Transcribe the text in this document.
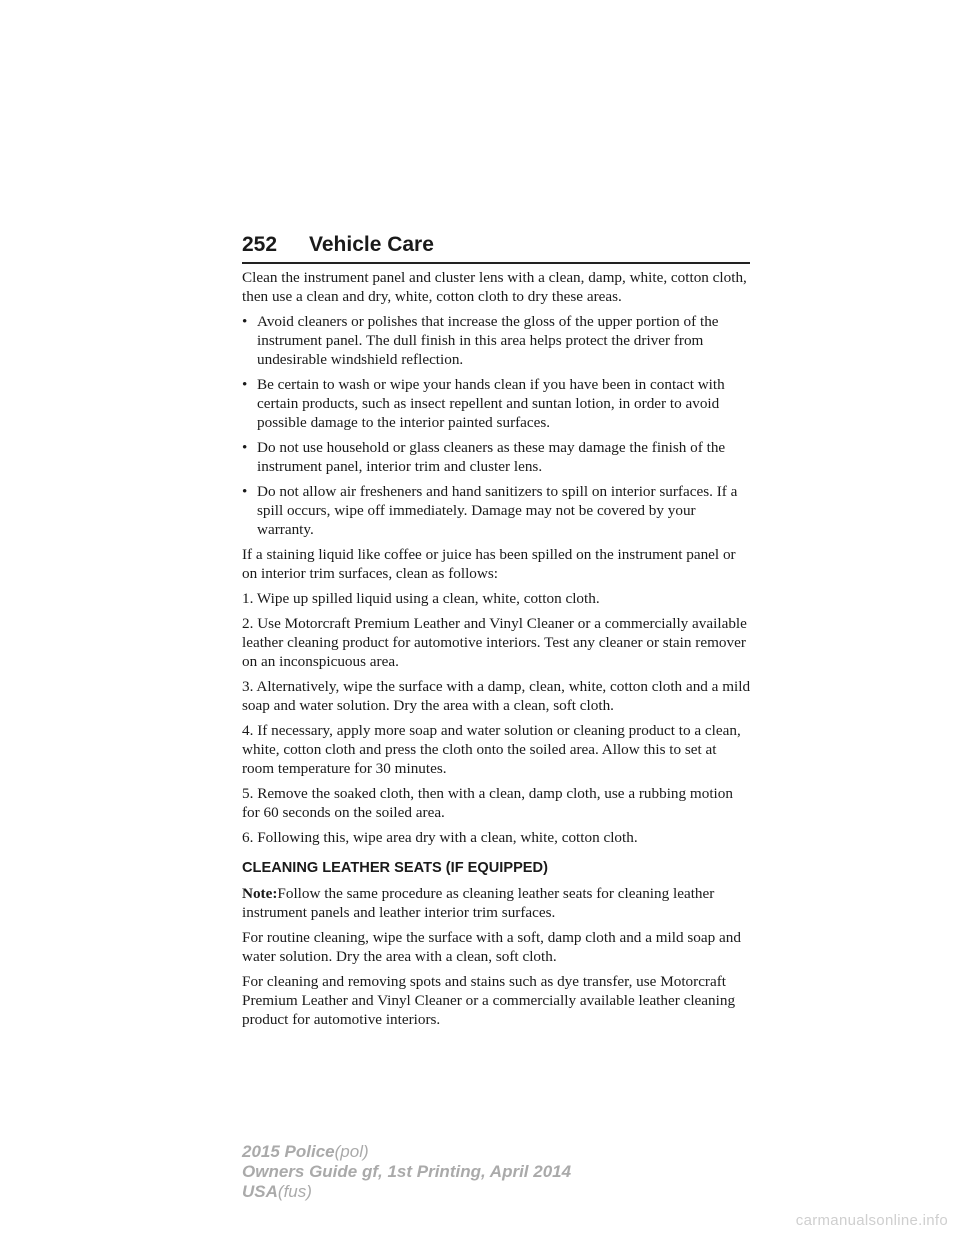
252 Vehicle Care

Clean the instrument panel and cluster lens with a clean, damp, white, cotton cloth, then use a clean and dry, white, cotton cloth to dry these areas.

• Avoid cleaners or polishes that increase the gloss of the upper portion of the instrument panel. The dull finish in this area helps protect the driver from undesirable windshield reflection.
• Be certain to wash or wipe your hands clean if you have been in contact with certain products, such as insect repellent and suntan lotion, in order to avoid possible damage to the interior painted surfaces.
• Do not use household or glass cleaners as these may damage the finish of the instrument panel, interior trim and cluster lens.
• Do not allow air fresheners and hand sanitizers to spill on interior surfaces. If a spill occurs, wipe off immediately. Damage may not be covered by your warranty.

If a staining liquid like coffee or juice has been spilled on the instrument panel or on interior trim surfaces, clean as follows:

1. Wipe up spilled liquid using a clean, white, cotton cloth.

2. Use Motorcraft Premium Leather and Vinyl Cleaner or a commercially available leather cleaning product for automotive interiors. Test any cleaner or stain remover on an inconspicuous area.

3. Alternatively, wipe the surface with a damp, clean, white, cotton cloth and a mild soap and water solution. Dry the area with a clean, soft cloth.

4. If necessary, apply more soap and water solution or cleaning product to a clean, white, cotton cloth and press the cloth onto the soiled area. Allow this to set at room temperature for 30 minutes.

5. Remove the soaked cloth, then with a clean, damp cloth, use a rubbing motion for 60 seconds on the soiled area.

6. Following this, wipe area dry with a clean, white, cotton cloth.

CLEANING LEATHER SEATS (IF EQUIPPED)

Note:Follow the same procedure as cleaning leather seats for cleaning leather instrument panels and leather interior trim surfaces.

For routine cleaning, wipe the surface with a soft, damp cloth and a mild soap and water solution. Dry the area with a clean, soft cloth.

For cleaning and removing spots and stains such as dye transfer, use Motorcraft Premium Leather and Vinyl Cleaner or a commercially available leather cleaning product for automotive interiors.

2015 Police(pol)
Owners Guide gf, 1st Printing, April 2014
USA(fus)
carmanualsonline.info
